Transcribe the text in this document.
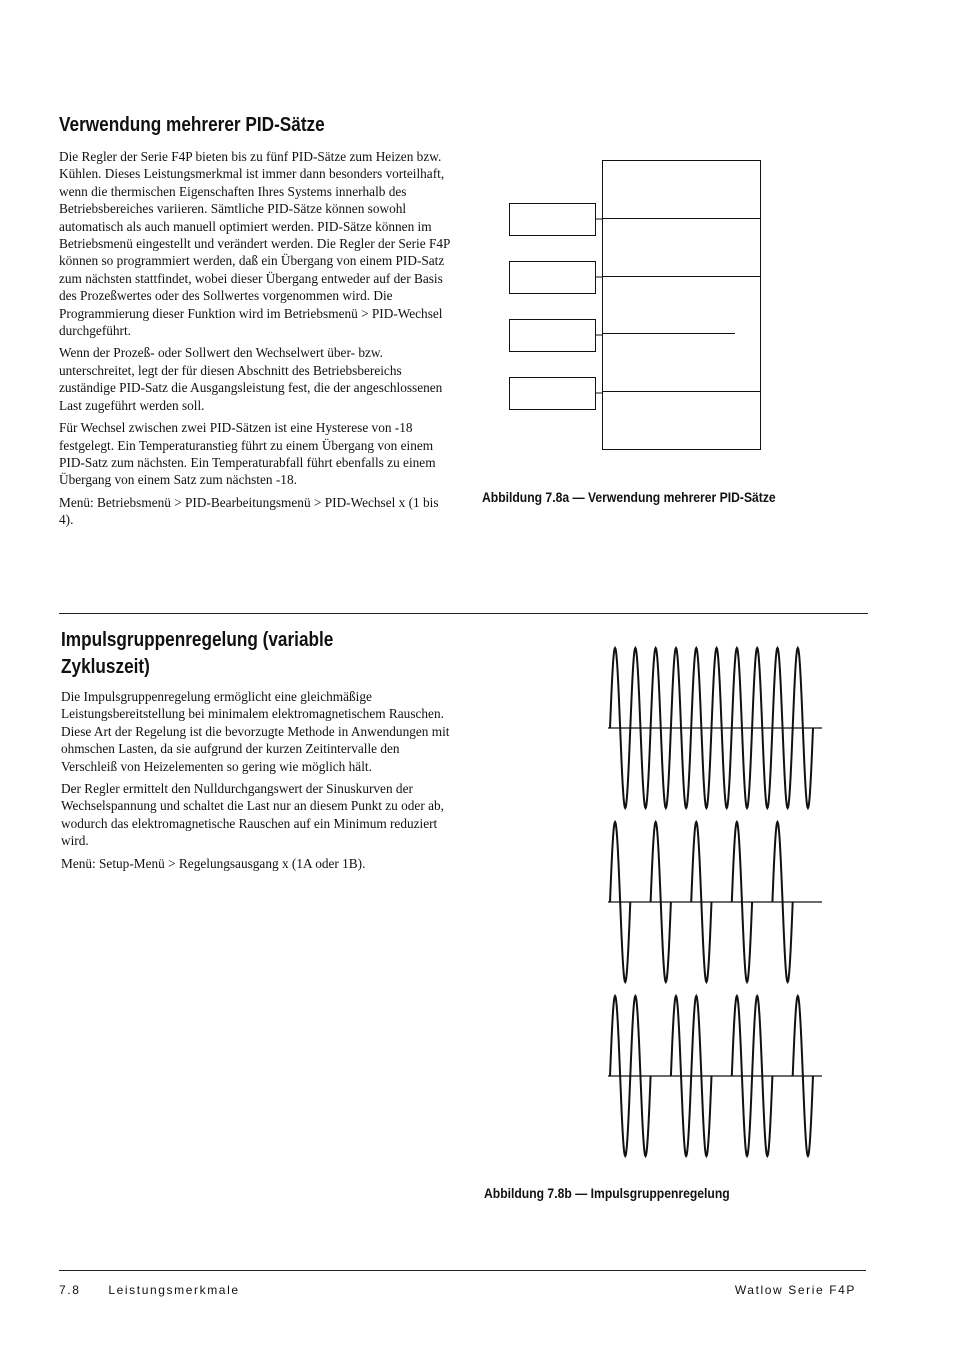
Verwendung mehrerer PID-Sätze

Die Regler der Serie F4P bieten bis zu fünf PID-Sätze zum Heizen bzw. Kühlen. Dieses Leistungsmerkmal ist immer dann besonders vorteilhaft, wenn die thermischen Eigenschaften Ihres Systems innerhalb des Betriebsbereiches variieren. Sämtliche PID-Sätze können sowohl automatisch als auch manuell optimiert werden. PID-Sätze können im Betriebsmenü eingestellt und verändert werden. Die Regler der Serie F4P können so programmiert werden, daß ein Übergang von einem PID-Satz zum nächsten stattfindet, wobei dieser Übergang entweder auf der Basis des Prozeßwertes oder des Sollwertes vorgenommen wird. Die Programmierung dieser Funktion wird im Betriebsmenü > PID-Wechsel durchgeführt.

Wenn der Prozeß- oder Sollwert den Wechselwert über- bzw. unterschreitet, legt der für diesen Abschnitt des Betriebsbereichs zuständige PID-Satz die Ausgangsleistung fest, die der angeschlossenen Last zugeführt werden soll.

Für Wechsel zwischen zwei PID-Sätzen ist eine Hysterese von -18 festgelegt. Ein Temperaturanstieg führt zu einem Übergang von einem PID-Satz zum nächsten. Ein Temperaturabfall führt ebenfalls zu einem Übergang von einem Satz zum nächsten -18.

Menü: Betriebsmenü > PID-Bearbeitungsmenü > PID-Wechsel x (1 bis 4).

Abbildung 7.8a — Verwendung mehrerer PID-Sätze
Impulsgruppenregelung (variable
Zykluszeit)

Die Impulsgruppenregelung ermöglicht eine gleichmäßige Leistungsbereitstellung bei minimalem elektromagnetischem Rauschen. Diese Art der Regelung ist die bevorzugte Methode in Anwendungen mit ohmschen Lasten, da sie aufgrund der kurzen Zeitintervalle den Verschleiß von Heizelementen so gering wie möglich hält.

Der Regler ermittelt den Nulldurchgangswert der Sinuskurven der Wechselspannung und schaltet die Last nur an diesem Punkt zu oder ab, wodurch das elektromagnetische Rauschen auf ein Minimum reduziert wird.

Menü: Setup-Menü > Regelungsausgang x (1A oder 1B).

Abbildung 7.8b — Impulsgruppenregelung
7.8 Leistungsmerkmale	Watlow Serie F4P
